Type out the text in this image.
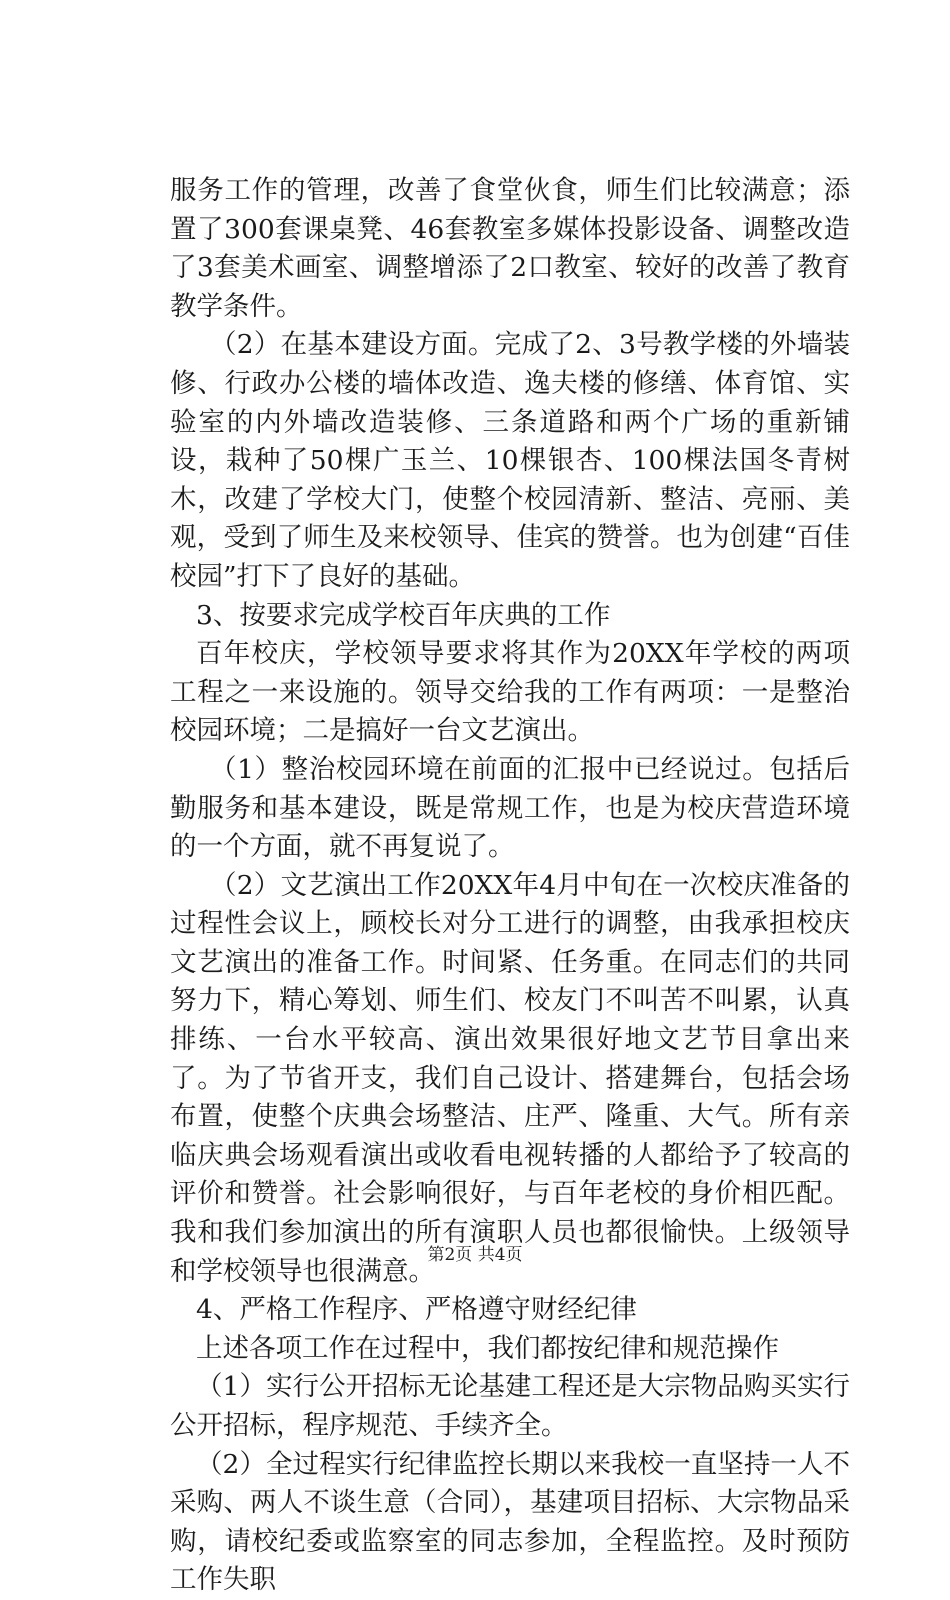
服务工作的管理，改善了食堂伙食，师生们比较满意；添置了300套课桌凳、46套教室多媒体投影设备、调整改造了3套美术画室、调整增添了2口教室、较好的改善了教育教学条件。

（2）在基本建设方面。完成了2、3号教学楼的外墙装修、行政办公楼的墙体改造、逸夫楼的修缮、体育馆、实验室的内外墙改造装修、三条道路和两个广场的重新铺设，栽种了50棵广玉兰、10棵银杏、100棵法国冬青树木，改建了学校大门，使整个校园清新、整洁、亮丽、美观，受到了师生及来校领导、佳宾的赞誉。也为创建“百佳校园”打下了良好的基础。

3、按要求完成学校百年庆典的工作

百年校庆，学校领导要求将其作为20XX年学校的两项工程之一来设施的。领导交给我的工作有两项：一是整治校园环境；二是搞好一台文艺演出。

（1）整治校园环境在前面的汇报中已经说过。包括后勤服务和基本建设，既是常规工作，也是为校庆营造环境的一个方面，就不再复说了。

（2）文艺演出工作20XX年4月中旬在一次校庆准备的过程性会议上，顾校长对分工进行的调整，由我承担校庆文艺演出的准备工作。时间紧、任务重。在同志们的共同努力下，精心筹划、师生们、校友门不叫苦不叫累，认真排练、一台水平较高、演出效果很好地文艺节目拿出来了。为了节省开支，我们自己设计、搭建舞台，包括会场布置，使整个庆典会场整洁、庄严、隆重、大气。所有亲临庆典会场观看演出或收看电视转播的人都给予了较高的评价和赞誉。社会影响很好，与百年老校的身价相匹配。我和我们参加演出的所有演职人员也都很愉快。上级领导和学校领导也很满意。

4、严格工作程序、严格遵守财经纪律

上述各项工作在过程中，我们都按纪律和规范操作

（1）实行公开招标无论基建工程还是大宗物品购买实行公开招标，程序规范、手续齐全。

（2）全过程实行纪律监控长期以来我校一直坚持一人不采购、两人不谈生意（合同），基建项目招标、大宗物品采购，请校纪委或监察室的同志参加，全程监控。及时预防工作失职

第2页 共4页
